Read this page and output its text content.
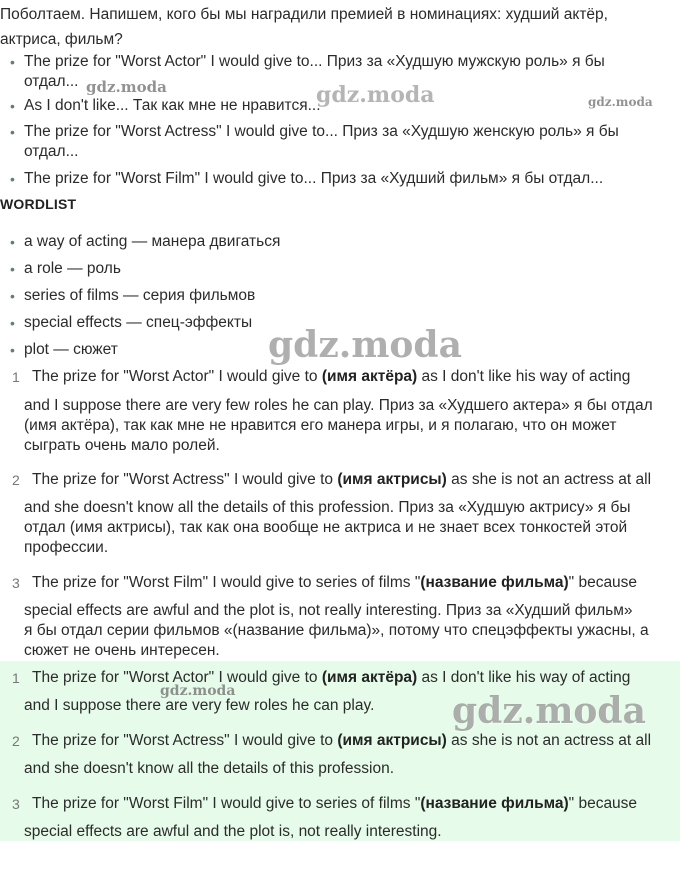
Поболтаем. Напишем, кого бы мы наградили премией в номинациях: худший актёр, актриса, фильм?
• The prize for "Worst Actor" I would give to... Приз за «Худшую мужскую роль» я бы
отдал...
• As I don't like... Так как мне не нравится...
• The prize for "Worst Actress" I would give to... Приз за «Худшую женскую роль» я бы
отдал...
• The prize for "Worst Film" I would give to... Приз за «Худший фильм» я бы отдал...
WORDLIST
• a way of acting — манера двигаться
• a role — роль
• series of films — серия фильмов
• special effects — спец-эффекты
• plot — сюжет
1 The prize for "Worst Actor" I would give to (имя актёра) as I don't like his way of acting
and I suppose there are very few roles he can play. Приз за «Худшего актера» я бы отдал
(имя актёра), так как мне не нравится его манера игры, и я полагаю, что он может
сыграть очень мало ролей.
2 The prize for "Worst Actress" I would give to (имя актрисы) as she is not an actress at all
and she doesn't know all the details of this profession. Приз за «Худшую актрису» я бы
отдал (имя актрисы), так как она вообще не актриса и не знает всех тонкостей этой
профессии.
3 The prize for "Worst Film" I would give to series of films "(название фильма)" because
special effects are awful and the plot is, not really interesting. Приз за «Худший фильм»
я бы отдал серии фильмов «(название фильма)», потому что спецэффекты ужасны, а
сюжет не очень интересен.
1 The prize for "Worst Actor" I would give to (имя актёра) as I don't like his way of acting
and I suppose there are very few roles he can play.
2 The prize for "Worst Actress" I would give to (имя актрисы) as she is not an actress at all
and she doesn't know all the details of this profession.
3 The prize for "Worst Film" I would give to series of films "(название фильма)" because
special effects are awful and the plot is, not really interesting.
gdz.moda
gdz.moda
gdz.moda
gdz.moda
gdz.moda	gdz.moda
